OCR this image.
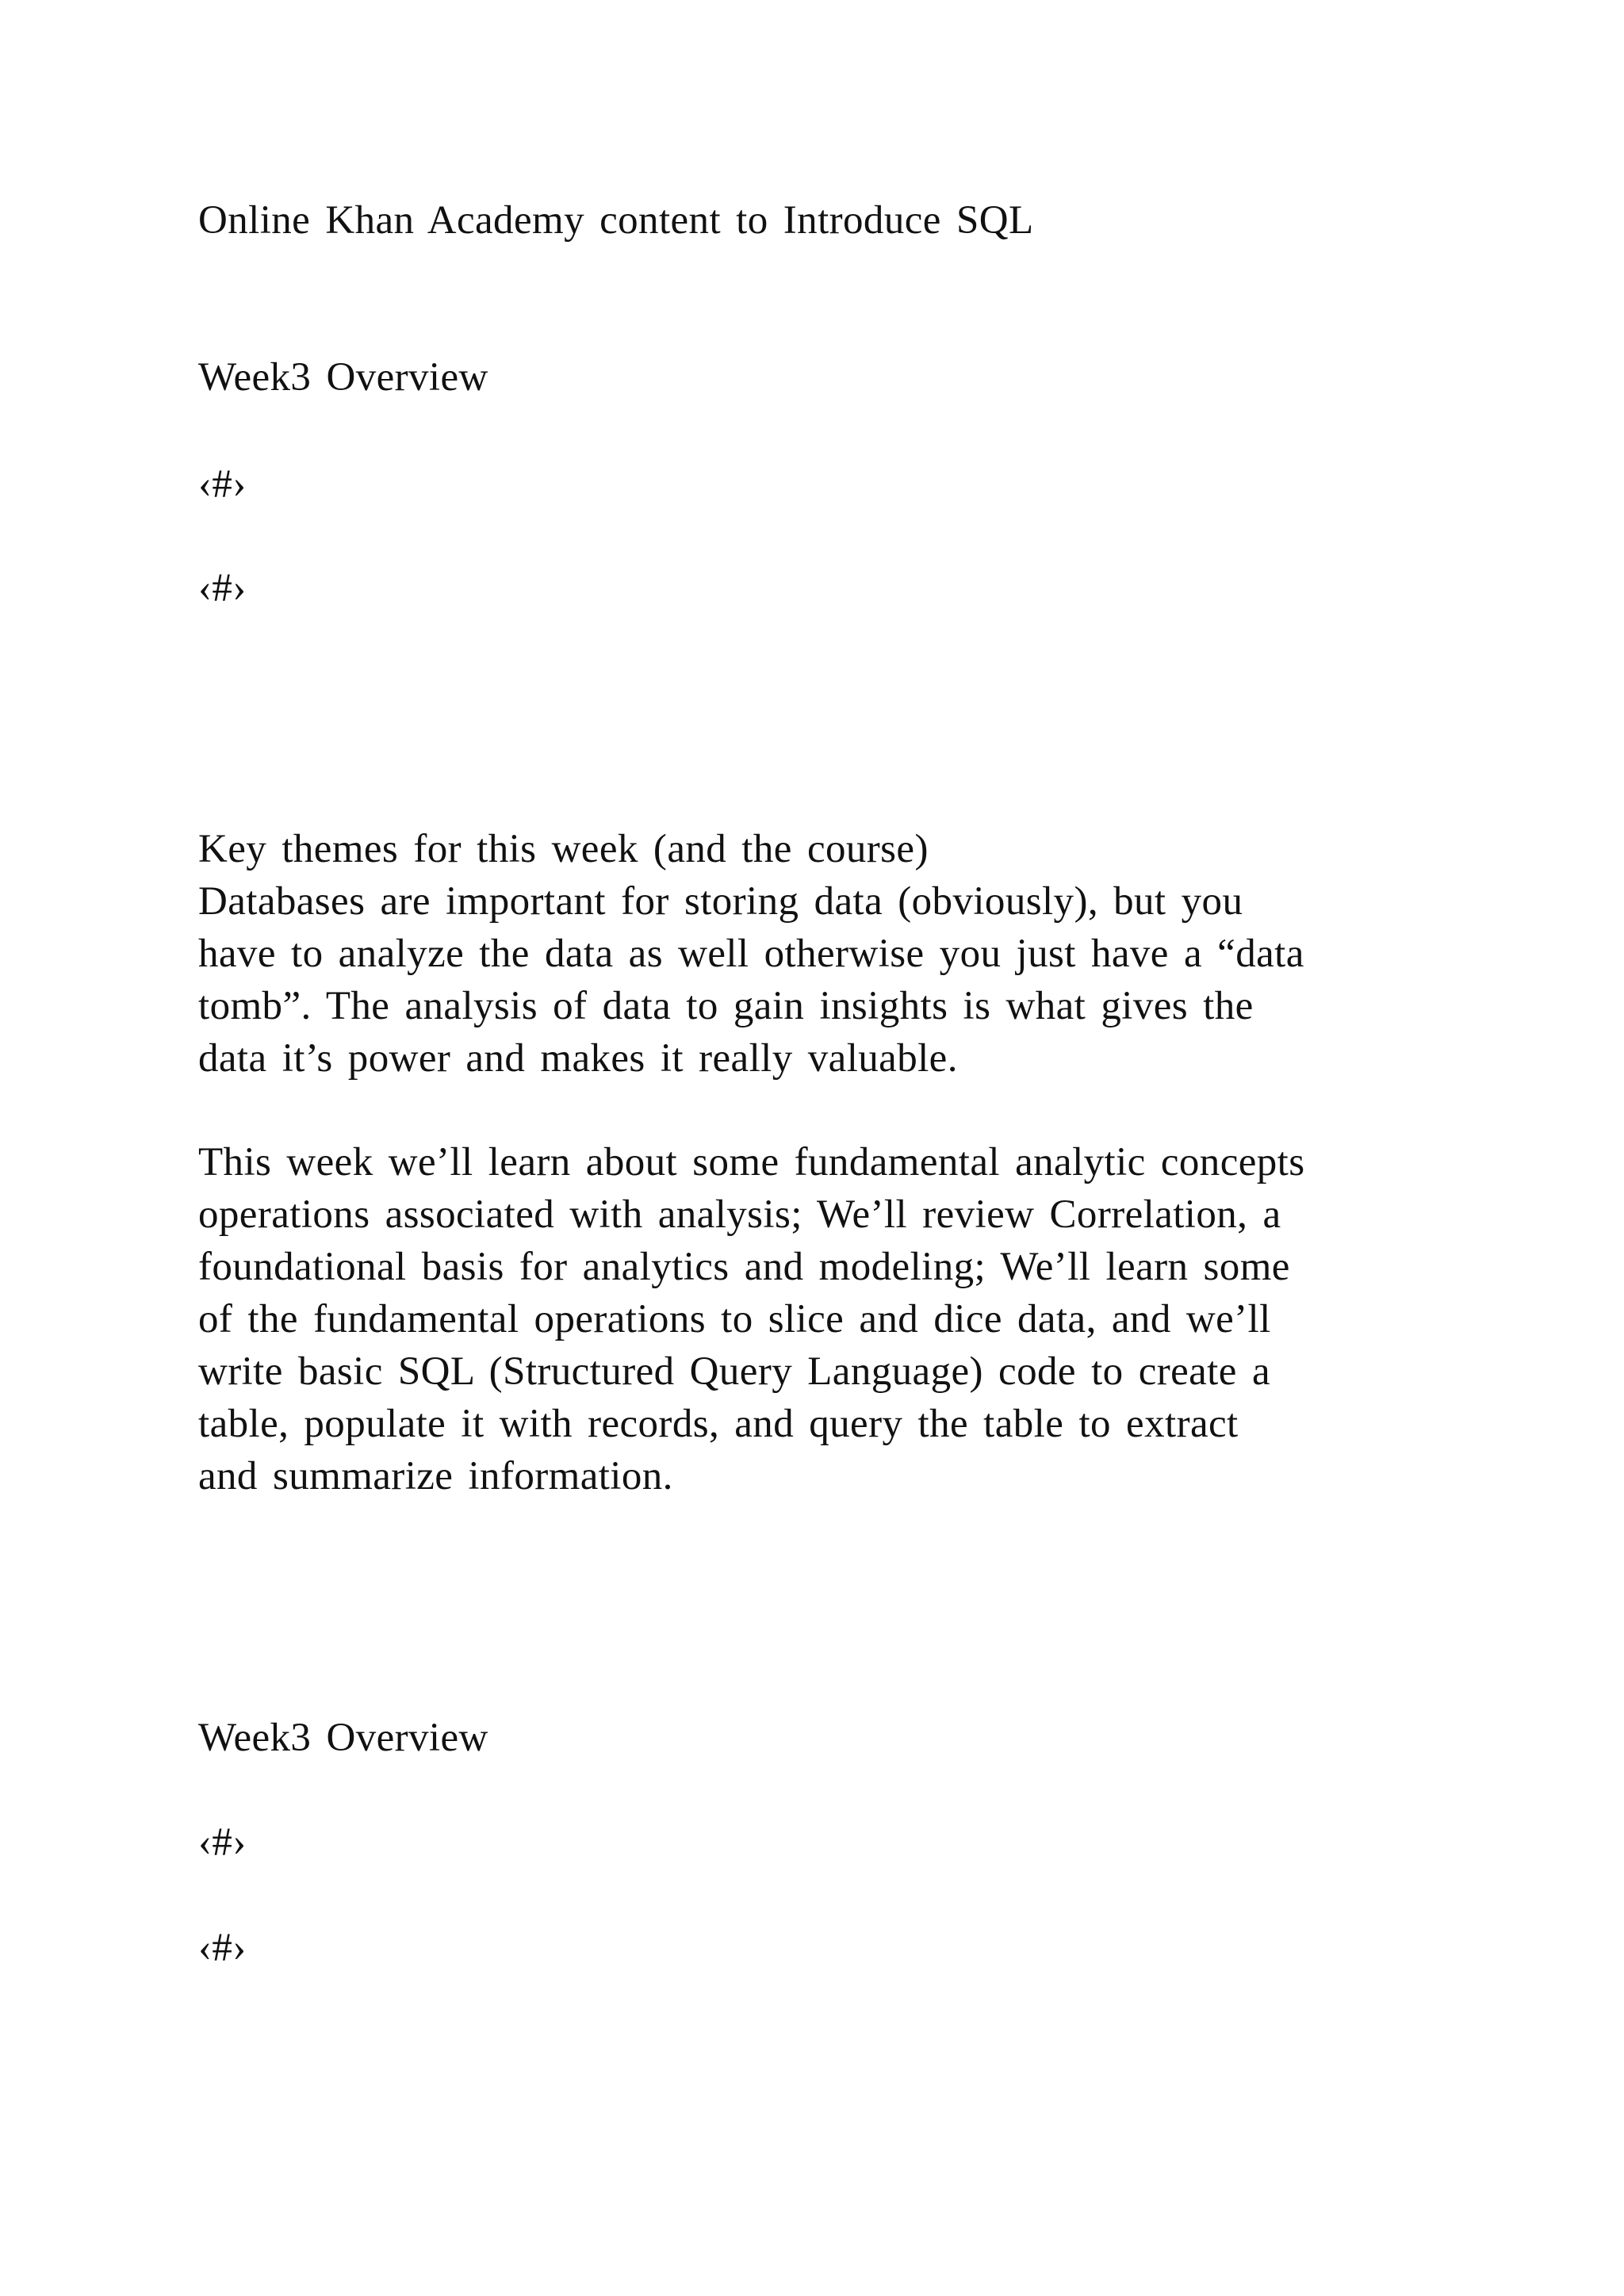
Online Khan Academy content to Introduce SQL

Week3 Overview

‹#›

‹#›

Key themes for this week (and the course)

Databases are important for storing data (obviously), but you
have to analyze the data as well otherwise you just have a “data
tomb”. The analysis of data to gain insights is what gives the
data it’s power and makes it really valuable.
This week we’ll learn about some fundamental analytic concepts
operations associated with analysis; We’ll review Correlation, a
foundational basis for analytics and modeling; We’ll learn some
of the fundamental operations to slice and dice data, and we’ll
write basic SQL (Structured Query Language) code to create a
table, populate it with records, and query the table to extract
and summarize information.

Week3 Overview

‹#›

‹#›
